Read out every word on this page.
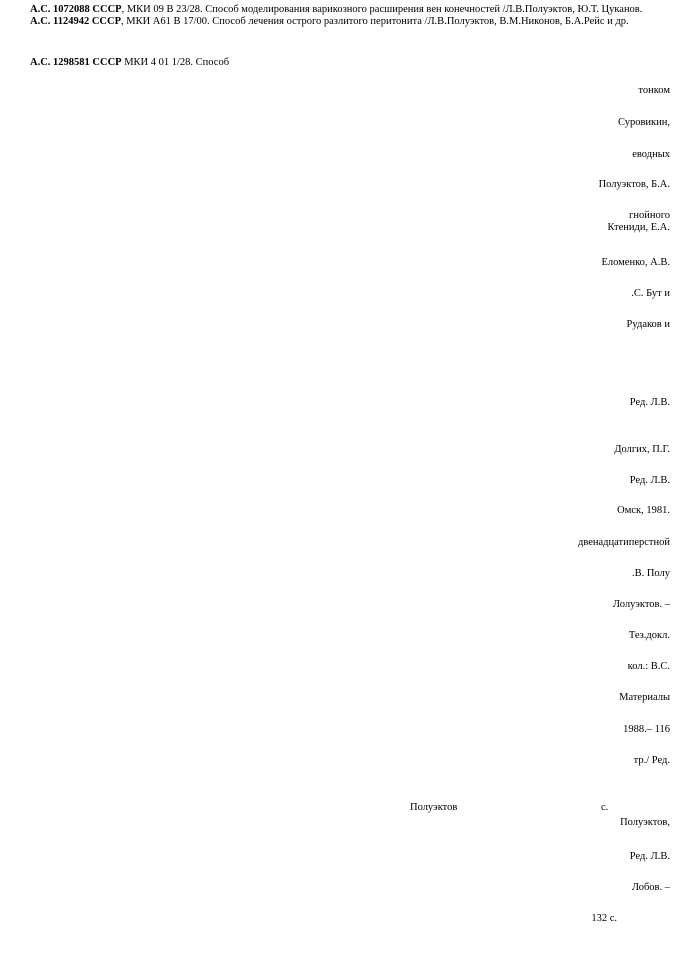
А.С. 1072088 СССР, МКИ 09 В 23/28. Способ моделирования варикозного расширения вен конечностей /Л.В.Полуэктов, Ю.Т. Цуканов.

А.С. 1124942 СССР, МКИ А61 В 17/00. Способ лечения острого разлитого перитонита /Л.В.Полуэктов, В.М.Никонов, Б.А.Рейс и др.

А.С. 1298581 СССР МКИ 4 01 1/28. Способ
тонком
Суровикин,
еводных
Полуэктов, Б.А.
гнойного
Ктениди, Е.А.
Еломенко, А.В.
.С. Бут и
Рудаков и
Ред. Л.В.
Долгих, П.Г.
Ред. Л.В.
Омск, 1981.
двенадцатиперстной
.В. Полу
Лолуэктов. –
Тез.докл.
кол.: В.С.
Материалы
1988.– 116
тр./ Ред.
Полуэктов,
Ред. Л.В.
Лобов. –
132 с.
Полуэктов	с.
